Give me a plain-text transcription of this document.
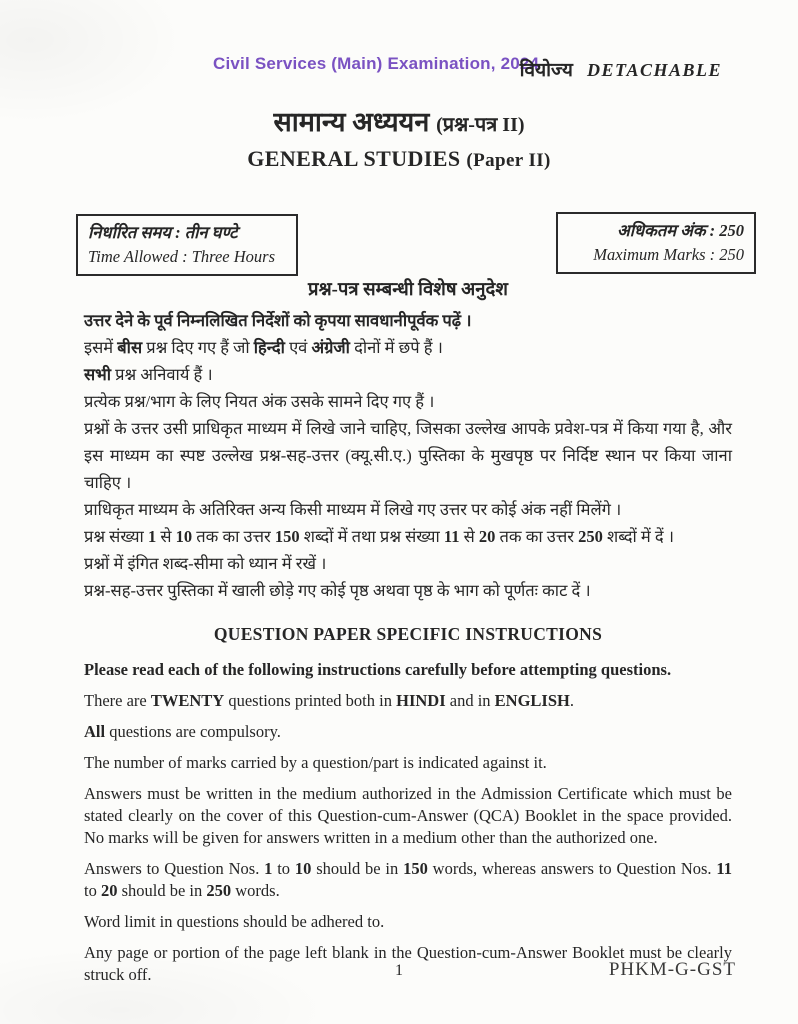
Civil Services (Main) Examination, 2024
वियोज्य DETACHABLE
सामान्य अध्ययन (प्रश्न-पत्र II)
GENERAL STUDIES (Paper II)
निर्धारित समय : तीन घण्टे
Time Allowed : Three Hours
अधिकतम अंक : 250
Maximum Marks : 250

प्रश्न-पत्र सम्बन्धी विशेष अनुदेश

उत्तर देने के पूर्व निम्नलिखित निर्देशों को कृपया सावधानीपूर्वक पढ़ें ।

इसमें बीस प्रश्न दिए गए हैं जो हिन्दी एवं अंग्रेजी दोनों में छपे हैं ।

सभी प्रश्न अनिवार्य हैं ।

प्रत्येक प्रश्न/भाग के लिए नियत अंक उसके सामने दिए गए हैं ।

प्रश्नों के उत्तर उसी प्राधिकृत माध्यम में लिखे जाने चाहिए, जिसका उल्लेख आपके प्रवेश-पत्र में किया गया है, और इस माध्यम का स्पष्ट उल्लेख प्रश्न-सह-उत्तर (क्यू.सी.ए.) पुस्तिका के मुखपृष्ठ पर निर्दिष्ट स्थान पर किया जाना चाहिए ।

प्राधिकृत माध्यम के अतिरिक्त अन्य किसी माध्यम में लिखे गए उत्तर पर कोई अंक नहीं मिलेंगे ।

प्रश्न संख्या 1 से 10 तक का उत्तर 150 शब्दों में तथा प्रश्न संख्या 11 से 20 तक का उत्तर 250 शब्दों में दें ।

प्रश्नों में इंगित शब्द-सीमा को ध्यान में रखें ।

प्रश्न-सह-उत्तर पुस्तिका में खाली छोड़े गए कोई पृष्ठ अथवा पृष्ठ के भाग को पूर्णतः काट दें ।

QUESTION PAPER SPECIFIC INSTRUCTIONS

Please read each of the following instructions carefully before attempting questions.

There are TWENTY questions printed both in HINDI and in ENGLISH.

All questions are compulsory.

The number of marks carried by a question/part is indicated against it.

Answers must be written in the medium authorized in the Admission Certificate which must be stated clearly on the cover of this Question-cum-Answer (QCA) Booklet in the space provided. No marks will be given for answers written in a medium other than the authorized one.

Answers to Question Nos. 1 to 10 should be in 150 words, whereas answers to Question Nos. 11 to 20 should be in 250 words.

Word limit in questions should be adhered to.

Any page or portion of the page left blank in the Question-cum-Answer Booklet must be clearly struck off.	1	PHKM-G-GST
